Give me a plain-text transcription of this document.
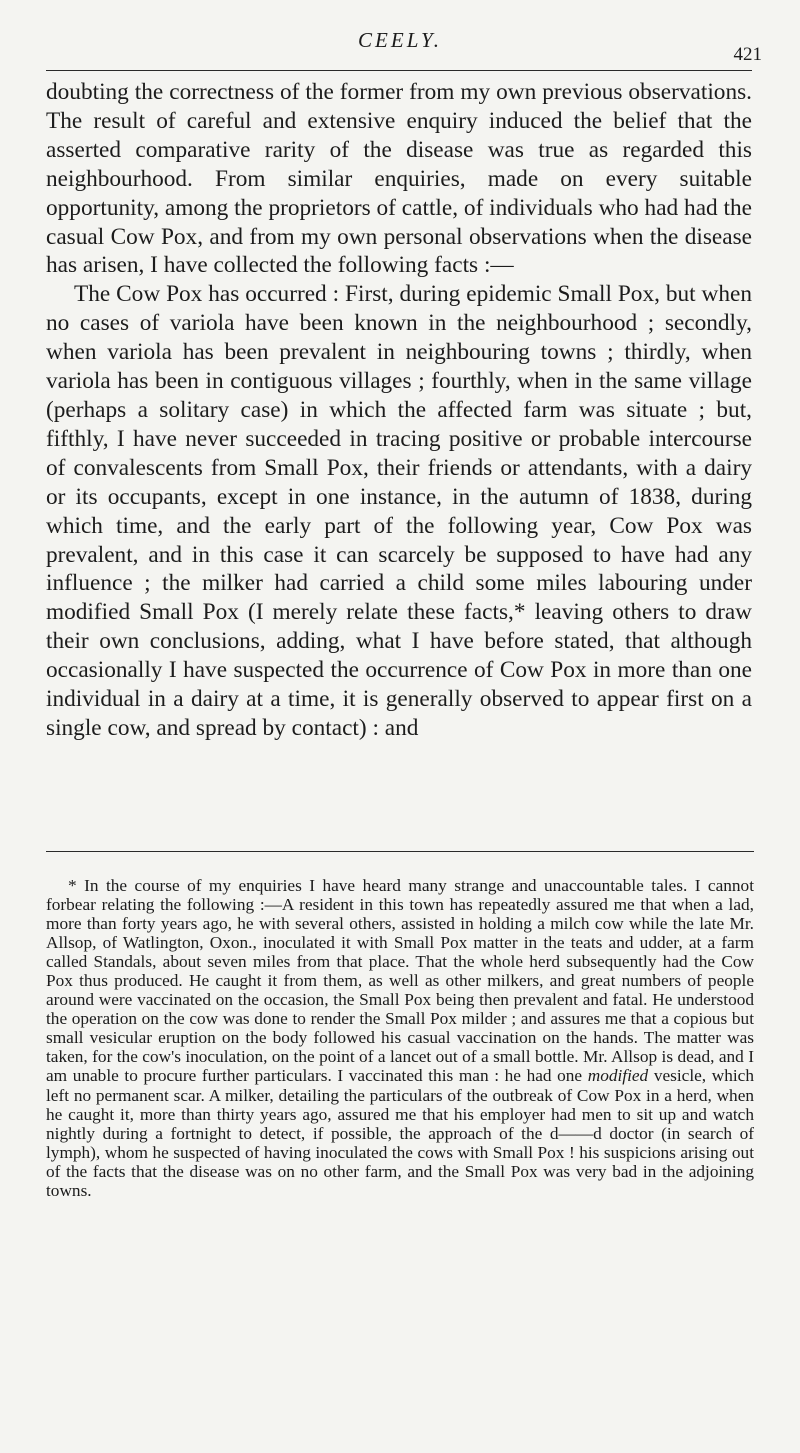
CEELY.
421

doubting the correctness of the former from my own previous observations. The result of careful and extensive enquiry induced the belief that the asserted comparative rarity of the disease was true as regarded this neighbourhood. From similar enquiries, made on every suitable opportunity, among the proprietors of cattle, of individuals who had had the casual Cow Pox, and from my own personal observations when the disease has arisen, I have collected the following facts :—

The Cow Pox has occurred : First, during epidemic Small Pox, but when no cases of variola have been known in the neighbourhood ; secondly, when variola has been prevalent in neighbouring towns ; thirdly, when variola has been in contiguous villages ; fourthly, when in the same village (perhaps a solitary case) in which the affected farm was situate ; but, fifthly, I have never succeeded in tracing positive or probable intercourse of convalescents from Small Pox, their friends or attendants, with a dairy or its occupants, except in one instance, in the autumn of 1838, during which time, and the early part of the following year, Cow Pox was prevalent, and in this case it can scarcely be supposed to have had any influence ; the milker had carried a child some miles labouring under modified Small Pox (I merely relate these facts,* leaving others to draw their own conclusions, adding, what I have before stated, that although occasionally I have suspected the occurrence of Cow Pox in more than one individual in a dairy at a time, it is generally observed to appear first on a single cow, and spread by contact) : and

* In the course of my enquiries I have heard many strange and unaccountable tales. I cannot forbear relating the following :—A resident in this town has repeatedly assured me that when a lad, more than forty years ago, he with several others, assisted in holding a milch cow while the late Mr. Allsop, of Watlington, Oxon., inoculated it with Small Pox matter in the teats and udder, at a farm called Standals, about seven miles from that place. That the whole herd subsequently had the Cow Pox thus produced. He caught it from them, as well as other milkers, and great numbers of people around were vaccinated on the occasion, the Small Pox being then prevalent and fatal. He understood the operation on the cow was done to render the Small Pox milder ; and assures me that a copious but small vesicular eruption on the body followed his casual vaccination on the hands. The matter was taken, for the cow's inoculation, on the point of a lancet out of a small bottle. Mr. Allsop is dead, and I am unable to procure further particulars. I vaccinated this man : he had one modified vesicle, which left no permanent scar. A milker, detailing the particulars of the outbreak of Cow Pox in a herd, when he caught it, more than thirty years ago, assured me that his employer had men to sit up and watch nightly during a fortnight to detect, if possible, the approach of the d——d doctor (in search of lymph), whom he suspected of having inoculated the cows with Small Pox ! his suspicions arising out of the facts that the disease was on no other farm, and the Small Pox was very bad in the adjoining towns.
